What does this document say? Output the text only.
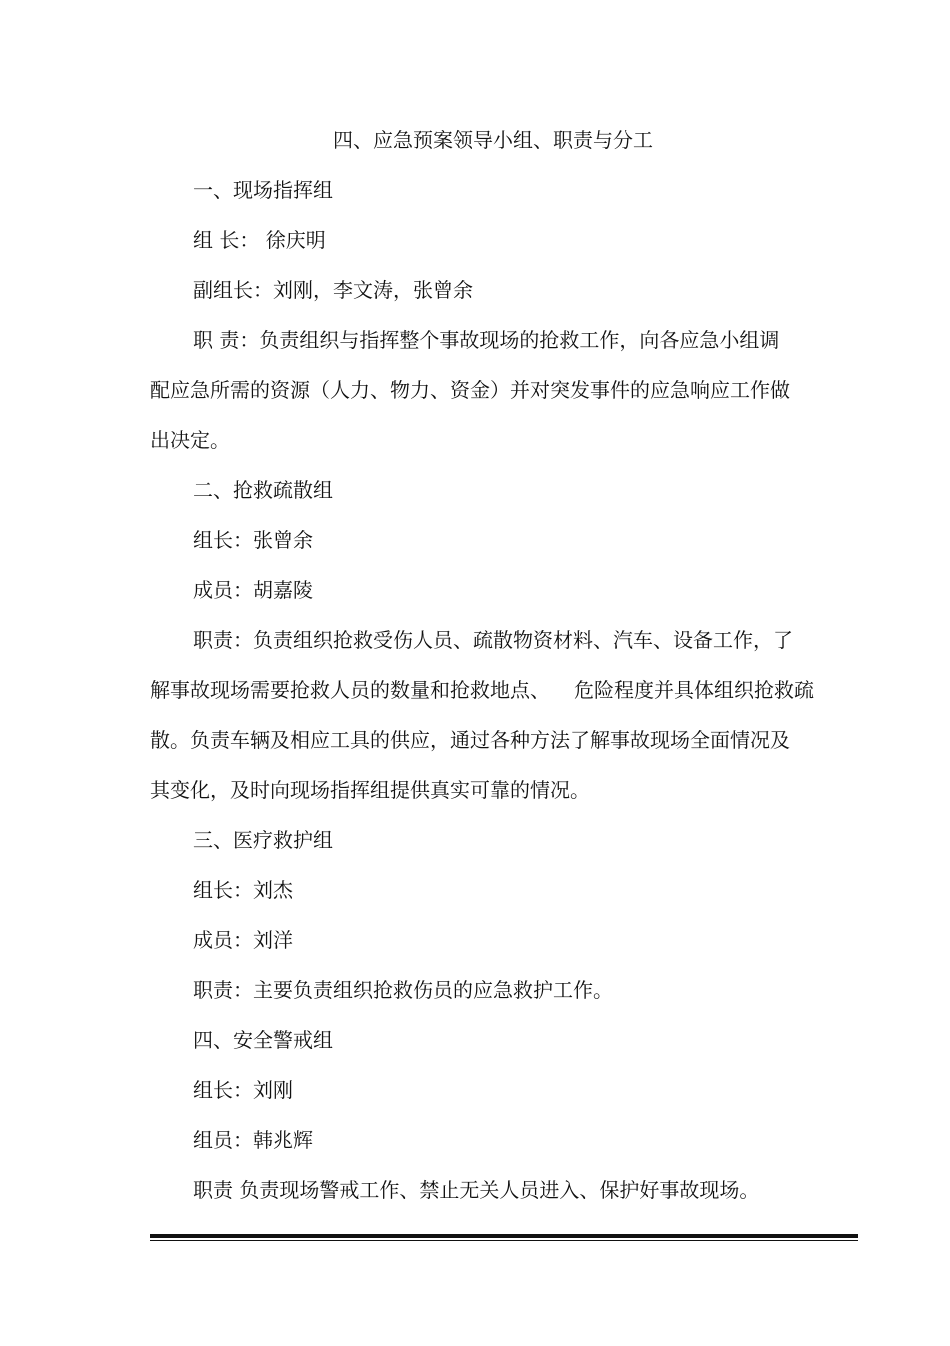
四、应急预案领导小组、职责与分工
一、现场指挥组
组 长： 徐庆明
副组长：刘刚，李文涛，张曾余
职 责：负责组织与指挥整个事故现场的抢救工作，向各应急小组调
配应急所需的资源（人力、物力、资金）并对突发事件的应急响应工作做
出决定。
二、抢救疏散组
组长：张曾余
成员：胡嘉陵
职责：负责组织抢救受伤人员、疏散物资材料、汽车、设备工作，了
解事故现场需要抢救人员的数量和抢救地点、 危险程度并具体组织抢救疏
散。负责车辆及相应工具的供应，通过各种方法了解事故现场全面情况及
其变化，及时向现场指挥组提供真实可靠的情况。
三、医疗救护组
组长：刘杰
成员：刘洋
职责：主要负责组织抢救伤员的应急救护工作。
四、安全警戒组
组长：刘刚
组员：韩兆辉
职责 负责现场警戒工作、禁止无关人员进入、保护好事故现场。
